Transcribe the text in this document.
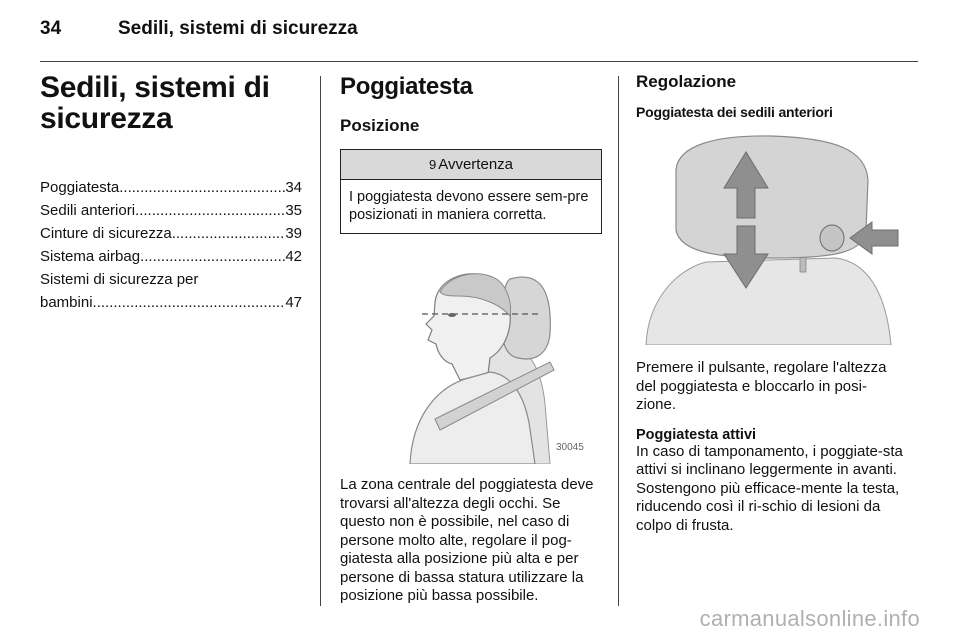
34	Sedili, sistemi di sicurezza
Sedili, sistemi di
sicurezza
Poggiatesta .....	34
Sedili anteriori .....	35
Cinture di sicurezza .....	39
Sistema airbag .....	42
Sistemi di sicurezza per
bambini .....	47
Poggiatesta
Posizione
9 Avvertenza
I poggiatesta devono essere sem-pre posizionati in maniera corretta.
30045

La zona centrale del poggiatesta deve trovarsi all'altezza degli occhi. Se questo non è possibile, nel caso di persone molto alte, regolare il pog-giatesta alla posizione più alta e per persone di bassa statura utilizzare la posizione più bassa possibile.

Regolazione
Poggiatesta dei sedili anteriori

Premere il pulsante, regolare l'altezza del poggiatesta e bloccarlo in posi-zione.

Poggiatesta attivi

In caso di tamponamento, i poggiate-sta attivi si inclinano leggermente in avanti. Sostengono più efficace-mente la testa, riducendo così il ri-schio di lesioni da colpo di frusta.

carmanualsonline.info
